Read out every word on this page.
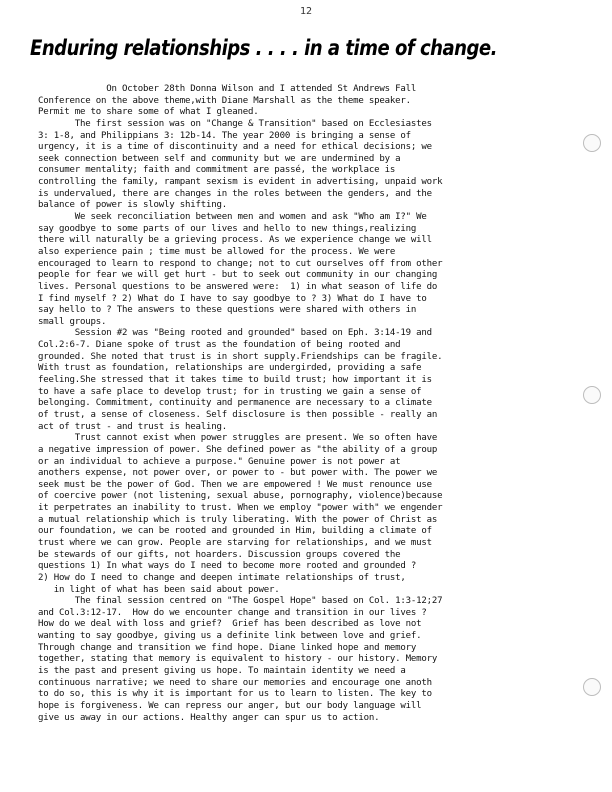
12
Enduring relationships . . . . in a time of change.
On October 28th Donna Wilson and I attended St Andrews Fall
Conference on the above theme,with Diane Marshall as the theme speaker.
Permit me to share some of what I gleaned.
The first session was on "Change & Transition" based on Ecclesiastes
3: 1-8, and Philippians 3: 12b-14. The year 2000 is bringing a sense of
urgency, it is a time of discontinuity and a need for ethical decisions; we
seek connection between self and community but we are undermined by a
consumer mentality; faith and commitment are passé, the workplace is
controlling the family, rampant sexism is evident in advertising, unpaid work
is undervalued, there are changes in the roles between the genders, and the
balance of power is slowly shifting.
We seek reconciliation between men and women and ask "Who am I?" We
say goodbye to some parts of our lives and hello to new things,realizing
there will naturally be a grieving process. As we experience change we will
also experience pain ; time must be allowed for the process. We were
encouraged to learn to respond to change; not to cut ourselves off from other
people for fear we will get hurt - but to seek out community in our changing
lives. Personal questions to be answered were:  1) in what season of life do
I find myself ? 2) What do I have to say goodbye to ? 3) What do I have to
say hello to ? The answers to these questions were shared with others in
small groups.
Session #2 was "Being rooted and grounded" based on Eph. 3:14-19 and
Col.2:6-7. Diane spoke of trust as the foundation of being rooted and
grounded. She noted that trust is in short supply.Friendships can be fragile.
With trust as foundation, relationships are undergirded, providing a safe
feeling.She stressed that it takes time to build trust; how important it is
to have a safe place to develop trust; for in trusting we gain a sense of
belonging. Commitment, continuity and permanence are necessary to a climate
of trust, a sense of closeness. Self disclosure is then possible - really an
act of trust - and trust is healing.
Trust cannot exist when power struggles are present. We so often have
a negative impression of power. She defined power as "the ability of a group
or an individual to achieve a purpose." Genuine power is not power at
anothers expense, not power over, or power to - but power with. The power we
seek must be the power of God. Then we are empowered ! We must renounce use
of coercive power (not listening, sexual abuse, pornography, violence)because
it perpetrates an inability to trust. When we employ "power with" we engender
a mutual relationship which is truly liberating. With the power of Christ as
our foundation, we can be rooted and grounded in Him, building a climate of
trust where we can grow. People are starving for relationships, and we must
be stewards of our gifts, not hoarders. Discussion groups covered the
questions 1) In what ways do I need to become more rooted and grounded ?
2) How do I need to change and deepen intimate relationships of trust,
in light of what has been said about power.
The final session centred on "The Gospel Hope" based on Col. 1:3-12;27
and Col.3:12-17.  How do we encounter change and transition in our lives ?
How do we deal with loss and grief?  Grief has been described as love not
wanting to say goodbye, giving us a definite link between love and grief.
Through change and transition we find hope. Diane linked hope and memory
together, stating that memory is equivalent to history - our history. Memory
is the past and present giving us hope. To maintain identity we need a
continuous narrative; we need to share our memories and encourage one anoth
to do so, this is why it is important for us to learn to listen. The key to
hope is forgiveness. We can repress our anger, but our body language will
give us away in our actions. Healthy anger can spur us to action.
